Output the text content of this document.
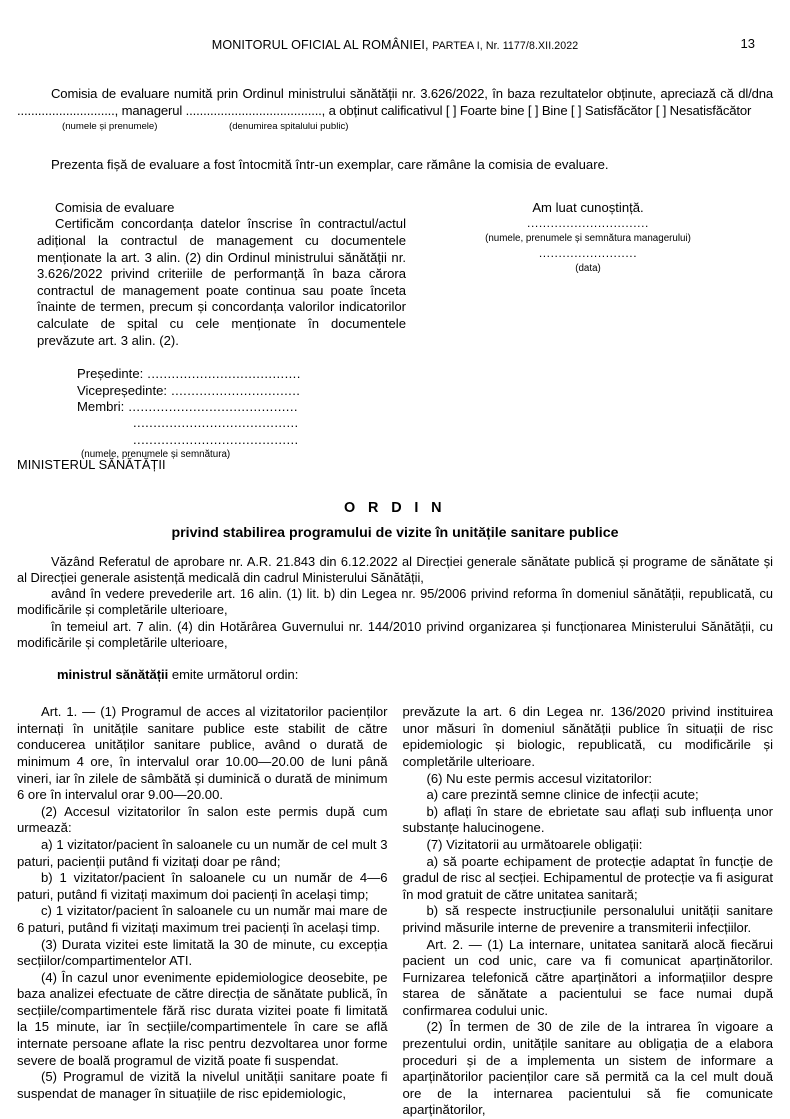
MONITORUL OFICIAL AL ROMÂNIEI, PARTEA I, Nr. 1177/8.XII.2022	13

Comisia de evaluare numită prin Ordinul ministrului sănătății nr. 3.626/2022, în baza rezultatelor obținute, apreciază că dl/dna ............................, managerul ......................................., a obținut calificativul [ ] Foarte bine [ ] Bine [ ] Satisfăcător [ ] Nesatisfăcător

(numele și prenumele)	(denumirea spitalului public)

Prezenta fișă de evaluare a fost întocmită într-un exemplar, care rămâne la comisia de evaluare.

Comisia de evaluare

Certificăm concordanța datelor înscrise în contractul/actul adițional la contractul de management cu documentele menționate la art. 3 alin. (2) din Ordinul ministrului sănătății nr. 3.626/2022 privind criteriile de performanță în baza cărora contractul de management poate continua sau poate înceta înainte de termen, precum și concordanța valorilor indicatorilor calculate de spital cu cele menționate în documentele prevăzute art. 3 alin. (2).

Președinte: ......................................
Vicepreședinte: ................................
Membri: ..........................................
.........................................
.........................................
(numele, prenumele și semnătura)
Am luat cunoștință.
...............................
(numele, prenumele și semnătura managerului)
.........................
(data)
MINISTERUL SĂNĂTĂȚII
O R D I N
privind stabilirea programului de vizite în unitățile sanitare publice

Văzând Referatul de aprobare nr. A.R. 21.843 din 6.12.2022 al Direcției generale sănătate publică și programe de sănătate și al Direcției generale asistență medicală din cadrul Ministerului Sănătății,

având în vedere prevederile art. 16 alin. (1) lit. b) din Legea nr. 95/2006 privind reforma în domeniul sănătății, republicată, cu modificările și completările ulterioare,

în temeiul art. 7 alin. (4) din Hotărârea Guvernului nr. 144/2010 privind organizarea și funcționarea Ministerului Sănătății, cu modificările și completările ulterioare,

ministrul sănătății emite următorul ordin:

Art. 1. — (1) Programul de acces al vizitatorilor pacienților internați în unitățile sanitare publice este stabilit de către conducerea unităților sanitare publice, având o durată de minimum 4 ore, în intervalul orar 10.00—20.00 de luni până vineri, iar în zilele de sâmbătă și duminică o durată de minimum 6 ore în intervalul orar 9.00—20.00.

(2) Accesul vizitatorilor în salon este permis după cum urmează:

a) 1 vizitator/pacient în saloanele cu un număr de cel mult 3 paturi, pacienții putând fi vizitați doar pe rând;

b) 1 vizitator/pacient în saloanele cu un număr de 4—6 paturi, putând fi vizitați maximum doi pacienți în același timp;

c) 1 vizitator/pacient în saloanele cu un număr mai mare de 6 paturi, putând fi vizitați maximum trei pacienți în același timp.

(3) Durata vizitei este limitată la 30 de minute, cu excepția secțiilor/compartimentelor ATI.

(4) În cazul unor evenimente epidemiologice deosebite, pe baza analizei efectuate de către direcția de sănătate publică, în secțiile/compartimentele fără risc durata vizitei poate fi limitată la 15 minute, iar în secțiile/compartimentele în care se află internate persoane aflate la risc pentru dezvoltarea unor forme severe de boală programul de vizită poate fi suspendat.

(5) Programul de vizită la nivelul unității sanitare poate fi suspendat de manager în situațiile de risc epidemiologic,

prevăzute la art. 6 din Legea nr. 136/2020 privind instituirea unor măsuri în domeniul sănătății publice în situații de risc epidemiologic și biologic, republicată, cu modificările și completările ulterioare.

(6) Nu este permis accesul vizitatorilor:

a) care prezintă semne clinice de infecții acute;

b) aflați în stare de ebrietate sau aflați sub influența unor substanțe halucinogene.

(7) Vizitatorii au următoarele obligații:

a) să poarte echipament de protecție adaptat în funcție de gradul de risc al secției. Echipamentul de protecție va fi asigurat în mod gratuit de către unitatea sanitară;

b) să respecte instrucțiunile personalului unității sanitare privind măsurile interne de prevenire a transmiterii infecțiilor.

Art. 2. — (1) La internare, unitatea sanitară alocă fiecărui pacient un cod unic, care va fi comunicat aparținătorilor. Furnizarea telefonică către aparținători a informațiilor despre starea de sănătate a pacientului se face numai după confirmarea codului unic.

(2) În termen de 30 de zile de la intrarea în vigoare a prezentului ordin, unitățile sanitare au obligația de a elabora proceduri și de a implementa un sistem de informare a aparținătorilor pacienților care să permită ca la cel mult două ore de la internarea pacientului să fie comunicate aparținătorilor,
